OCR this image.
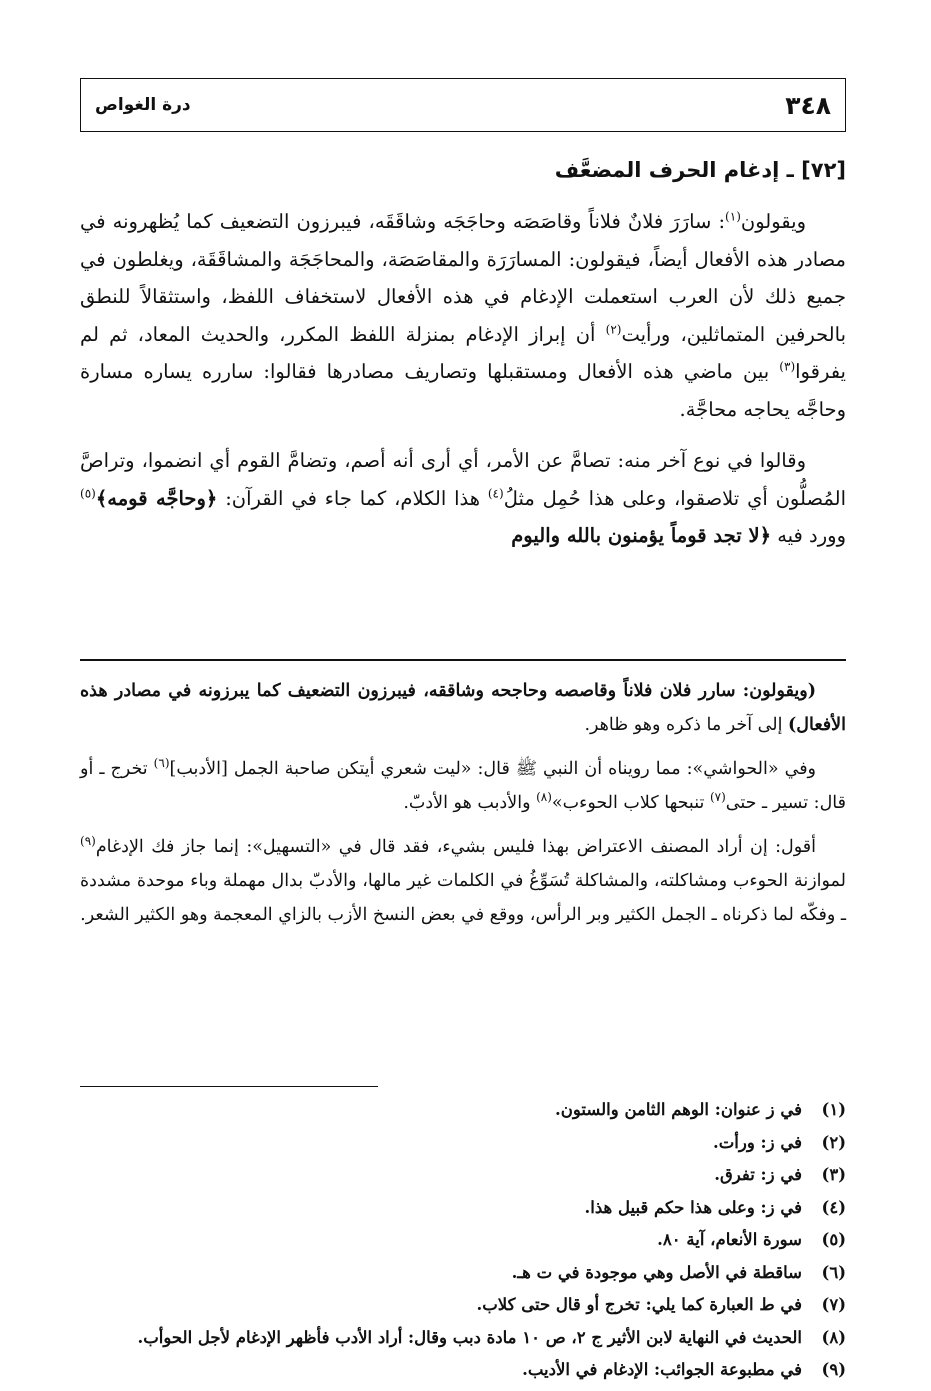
٣٤٨
درة الغواص
[٧٢] ـ إدغام الحرف المضعَّف

ويقولون$^{(١)}$: سارَرَ فلانٌ فلاناً وقاصَصَه وحاجَجَه وشاقَقَه، فيبرزون التضعيف كما يُظهرونه في مصادر هذه الأفعال أيضاً، فيقولون: المسارَرَة والمقاصَصَة، والمحاجَجَة والمشاقَقَة، ويغلطون في جميع ذلك لأن العرب استعملت الإدغام في هذه الأفعال لاستخفاف اللفظ، واستثقالاً للنطق بالحرفين المتماثلين، ورأيت$^{(٢)}$ أن إبراز الإدغام بمنزلة اللفظ المكرر، والحديث المعاد، ثم لم يفرقوا$^{(٣)}$ بين ماضي هذه الأفعال ومستقبلها وتصاريف مصادرها فقالوا: سارره يساره مسارة وحاجَّه يحاجه محاجَّة.

وقالوا في نوع آخر منه: تصامَّ عن الأمر، أي أرى أنه أصم، وتضامَّ القوم أي انضموا، وتراصَّ المُصلُّون أي تلاصقوا، وعلى هذا حُمِل مثلُ$^{(٤)}$ هذا الكلام، كما جاء في القرآن: ﴿وحاجَّه قومه﴾$^{(٥)}$ وورد فيه ﴿لا تجد قوماً يؤمنون بالله واليوم

(ويقولون: سارر فلان فلاناً وقاصصه وحاجحه وشاققه، فيبرزون التضعيف كما يبرزونه في مصادر هذه الأفعال) إلى آخر ما ذكره وهو ظاهر.

وفي «الحواشي»: مما رويناه أن النبي ﷺ قال: «ليت شعري أيتكن صاحبة الجمل [الأدبب]$^{(٦)}$ تخرج ـ أو قال: تسير ـ حتى$^{(٧)}$ تنبحها كلاب الحوءب»$^{(٨)}$ والأدبب هو الأدبّ.

أقول: إن أراد المصنف الاعتراض بهذا فليس بشيء، فقد قال في «التسهيل»: إنما جاز فك الإدغام$^{(٩)}$ لموازنة الحوءب ومشاكلته، والمشاكلة تُسَوِّغُ في الكلمات غير مالها، والأدبّ بدال مهملة وباء موحدة مشددة ـ وفكّه لما ذكرناه ـ الجمل الكثير وبر الرأس، ووقع في بعض النسخ الأزب بالزاي المعجمة وهو الكثير الشعر.

(١)
في ز عنوان: الوهم الثامن والستون.
(٢)
في ز: ورأت.
(٣)
في ز: تفرق.
(٤)
في ز: وعلى هذا حكم قبيل هذا.
(٥)
سورة الأنعام، آية ٨٠.
(٦)
ساقطة في الأصل وهي موجودة في ت هـ.
(٧)
في ط العبارة كما يلي: تخرج أو قال حتى كلاب.
(٨)
الحديث في النهاية لابن الأثير ج ٢، ص ١٠ مادة دبب وقال: أراد الأدب فأظهر الإدغام لأجل الحوأب.
(٩)
في مطبوعة الجوائب: الإدغام في الأديب.
